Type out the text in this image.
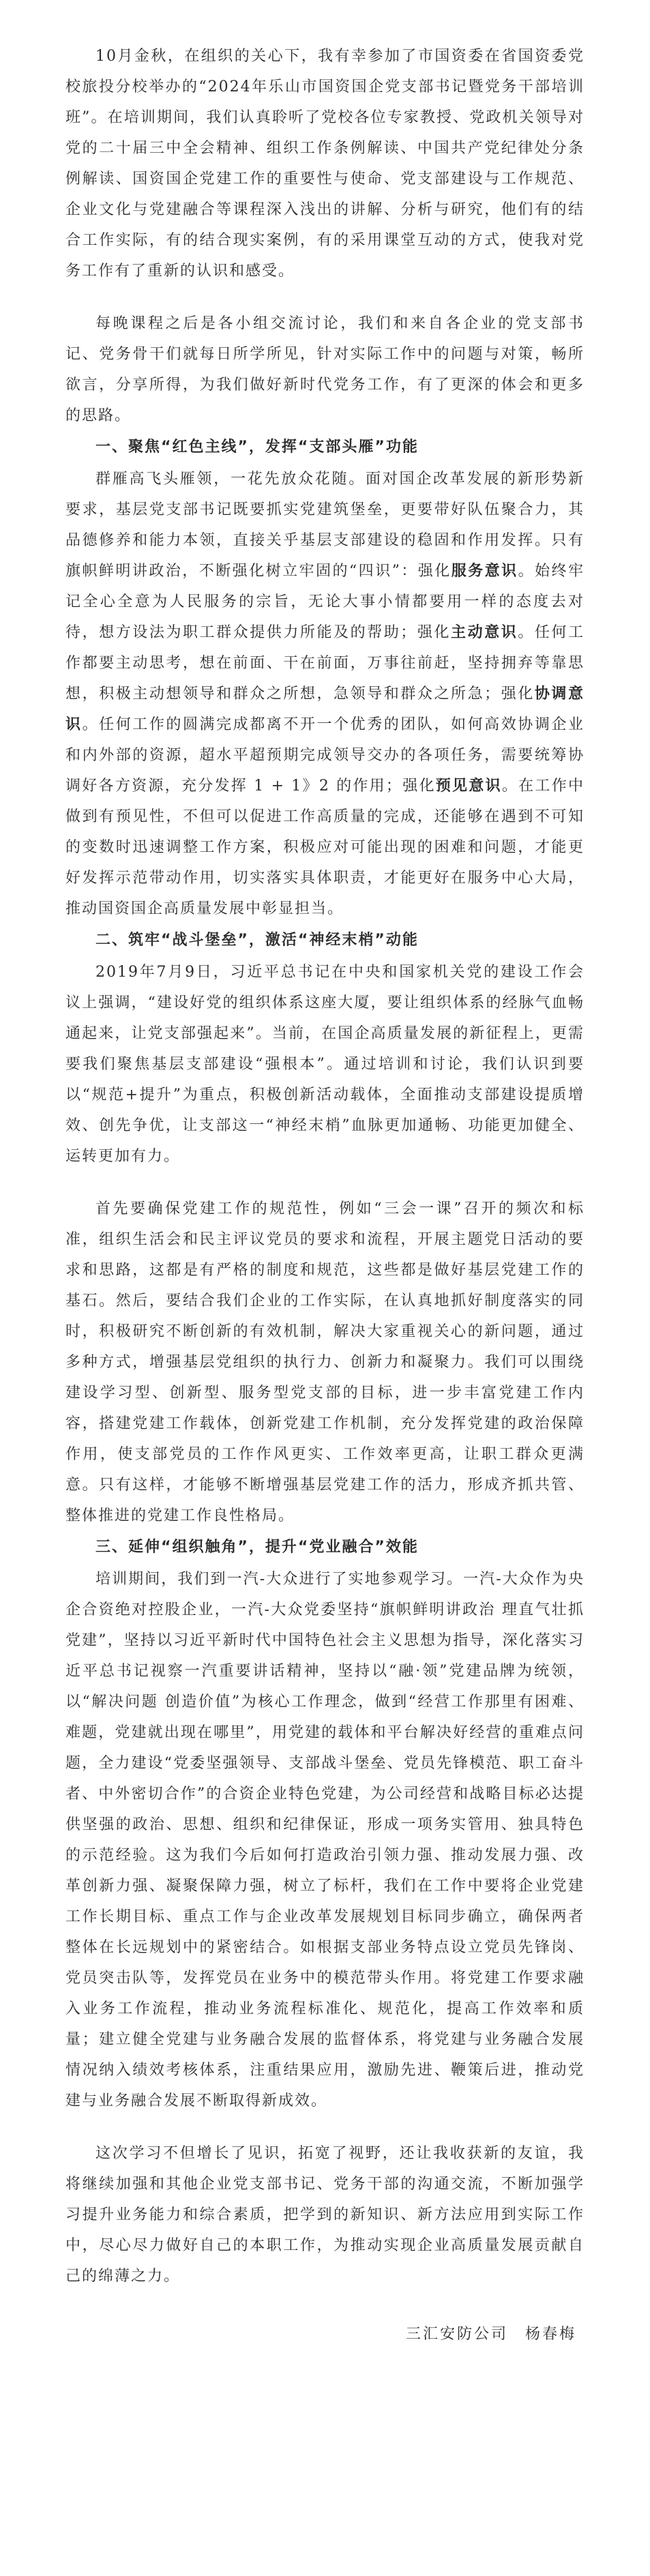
10月金秋，在组织的关心下，我有幸参加了市国资委在省国资委党校旅投分校举办的“2024年乐山市国资国企党支部书记暨党务干部培训班”。在培训期间，我们认真聆听了党校各位专家教授、党政机关领导对党的二十届三中全会精神、组织工作条例解读、中国共产党纪律处分条例解读、国资国企党建工作的重要性与使命、党支部建设与工作规范、企业文化与党建融合等课程深入浅出的讲解、分析与研究，他们有的结合工作实际，有的结合现实案例，有的采用课堂互动的方式，使我对党务工作有了重新的认识和感受。

每晚课程之后是各小组交流讨论，我们和来自各企业的党支部书记、党务骨干们就每日所学所见，针对实际工作中的问题与对策，畅所欲言，分享所得，为我们做好新时代党务工作，有了更深的体会和更多的思路。

一、聚焦“红色主线”，发挥“支部头雁”功能

群雁高飞头雁领，一花先放众花随。面对国企改革发展的新形势新要求，基层党支部书记既要抓实党建筑堡垒，更要带好队伍聚合力，其品德修养和能力本领，直接关乎基层支部建设的稳固和作用发挥。只有旗帜鲜明讲政治，不断强化树立牢固的“四识”：强化服务意识。始终牢记全心全意为人民服务的宗旨，无论大事小情都要用一样的态度去对待，想方设法为职工群众提供力所能及的帮助；强化主动意识。任何工作都要主动思考，想在前面、干在前面，万事往前赶，坚持拥弃等靠思想，积极主动想领导和群众之所想，急领导和群众之所急；强化协调意识。任何工作的圆满完成都离不开一个优秀的团队，如何高效协调企业和内外部的资源，超水平超预期完成领导交办的各项任务，需要统筹协调好各方资源，充分发挥 1 + 1》2 的作用；强化预见意识。在工作中做到有预见性，不但可以促进工作高质量的完成，还能够在遇到不可知的变数时迅速调整工作方案，积极应对可能出现的困难和问题，才能更好发挥示范带动作用，切实落实具体职责，才能更好在服务中心大局，推动国资国企高质量发展中彰显担当。

二、筑牢“战斗堡垒”，激活“神经末梢”动能

2019年7月9日，习近平总书记在中央和国家机关党的建设工作会议上强调，“建设好党的组织体系这座大厦，要让组织体系的经脉气血畅通起来，让党支部强起来”。当前，在国企高质量发展的新征程上，更需要我们聚焦基层支部建设“强根本”。通过培训和讨论，我们认识到要以“规范+提升”为重点，积极创新活动载体，全面推动支部建设提质增效、创先争优，让支部这一“神经末梢”血脉更加通畅、功能更加健全、运转更加有力。

首先要确保党建工作的规范性，例如“三会一课”召开的频次和标准，组织生活会和民主评议党员的要求和流程，开展主题党日活动的要求和思路，这都是有严格的制度和规范，这些都是做好基层党建工作的基石。然后，要结合我们企业的工作实际，在认真地抓好制度落实的同时，积极研究不断创新的有效机制，解决大家重视关心的新问题，通过多种方式，增强基层党组织的执行力、创新力和凝聚力。我们可以围绕建设学习型、创新型、服务型党支部的目标，进一步丰富党建工作内容，搭建党建工作载体，创新党建工作机制，充分发挥党建的政治保障作用，使支部党员的工作作风更实、工作效率更高，让职工群众更满意。只有这样，才能够不断增强基层党建工作的活力，形成齐抓共管、整体推进的党建工作良性格局。

三、延伸“组织触角”，提升“党业融合”效能

培训期间，我们到一汽-大众进行了实地参观学习。一汽-大众作为央企合资绝对控股企业，一汽-大众党委坚持“旗帜鲜明讲政治 理直气壮抓党建”，坚持以习近平新时代中国特色社会主义思想为指导，深化落实习近平总书记视察一汽重要讲话精神，坚持以“融·领”党建品牌为统领，以“解决问题 创造价值”为核心工作理念，做到“经营工作那里有困难、难题，党建就出现在哪里”，用党建的载体和平台解决好经营的重难点问题，全力建设“党委坚强领导、支部战斗堡垒、党员先锋模范、职工奋斗者、中外密切合作”的合资企业特色党建，为公司经营和战略目标必达提供坚强的政治、思想、组织和纪律保证，形成一项务实管用、独具特色的示范经验。这为我们今后如何打造政治引领力强、推动发展力强、改革创新力强、凝聚保障力强，树立了标杆，我们在工作中要将企业党建工作长期目标、重点工作与企业改革发展规划目标同步确立，确保两者整体在长远规划中的紧密结合。如根据支部业务特点设立党员先锋岗、党员突击队等，发挥党员在业务中的模范带头作用。将党建工作要求融入业务工作流程，推动业务流程标准化、规范化，提高工作效率和质量；建立健全党建与业务融合发展的监督体系，将党建与业务融合发展情况纳入绩效考核体系，注重结果应用，激励先进、鞭策后进，推动党建与业务融合发展不断取得新成效。

这次学习不但增长了见识，拓宽了视野，还让我收获新的友谊，我将继续加强和其他企业党支部书记、党务干部的沟通交流，不断加强学习提升业务能力和综合素质，把学到的新知识、新方法应用到实际工作中，尽心尽力做好自己的本职工作，为推动实现企业高质量发展贡献自己的绵薄之力。

三汇安防公司　杨春梅
